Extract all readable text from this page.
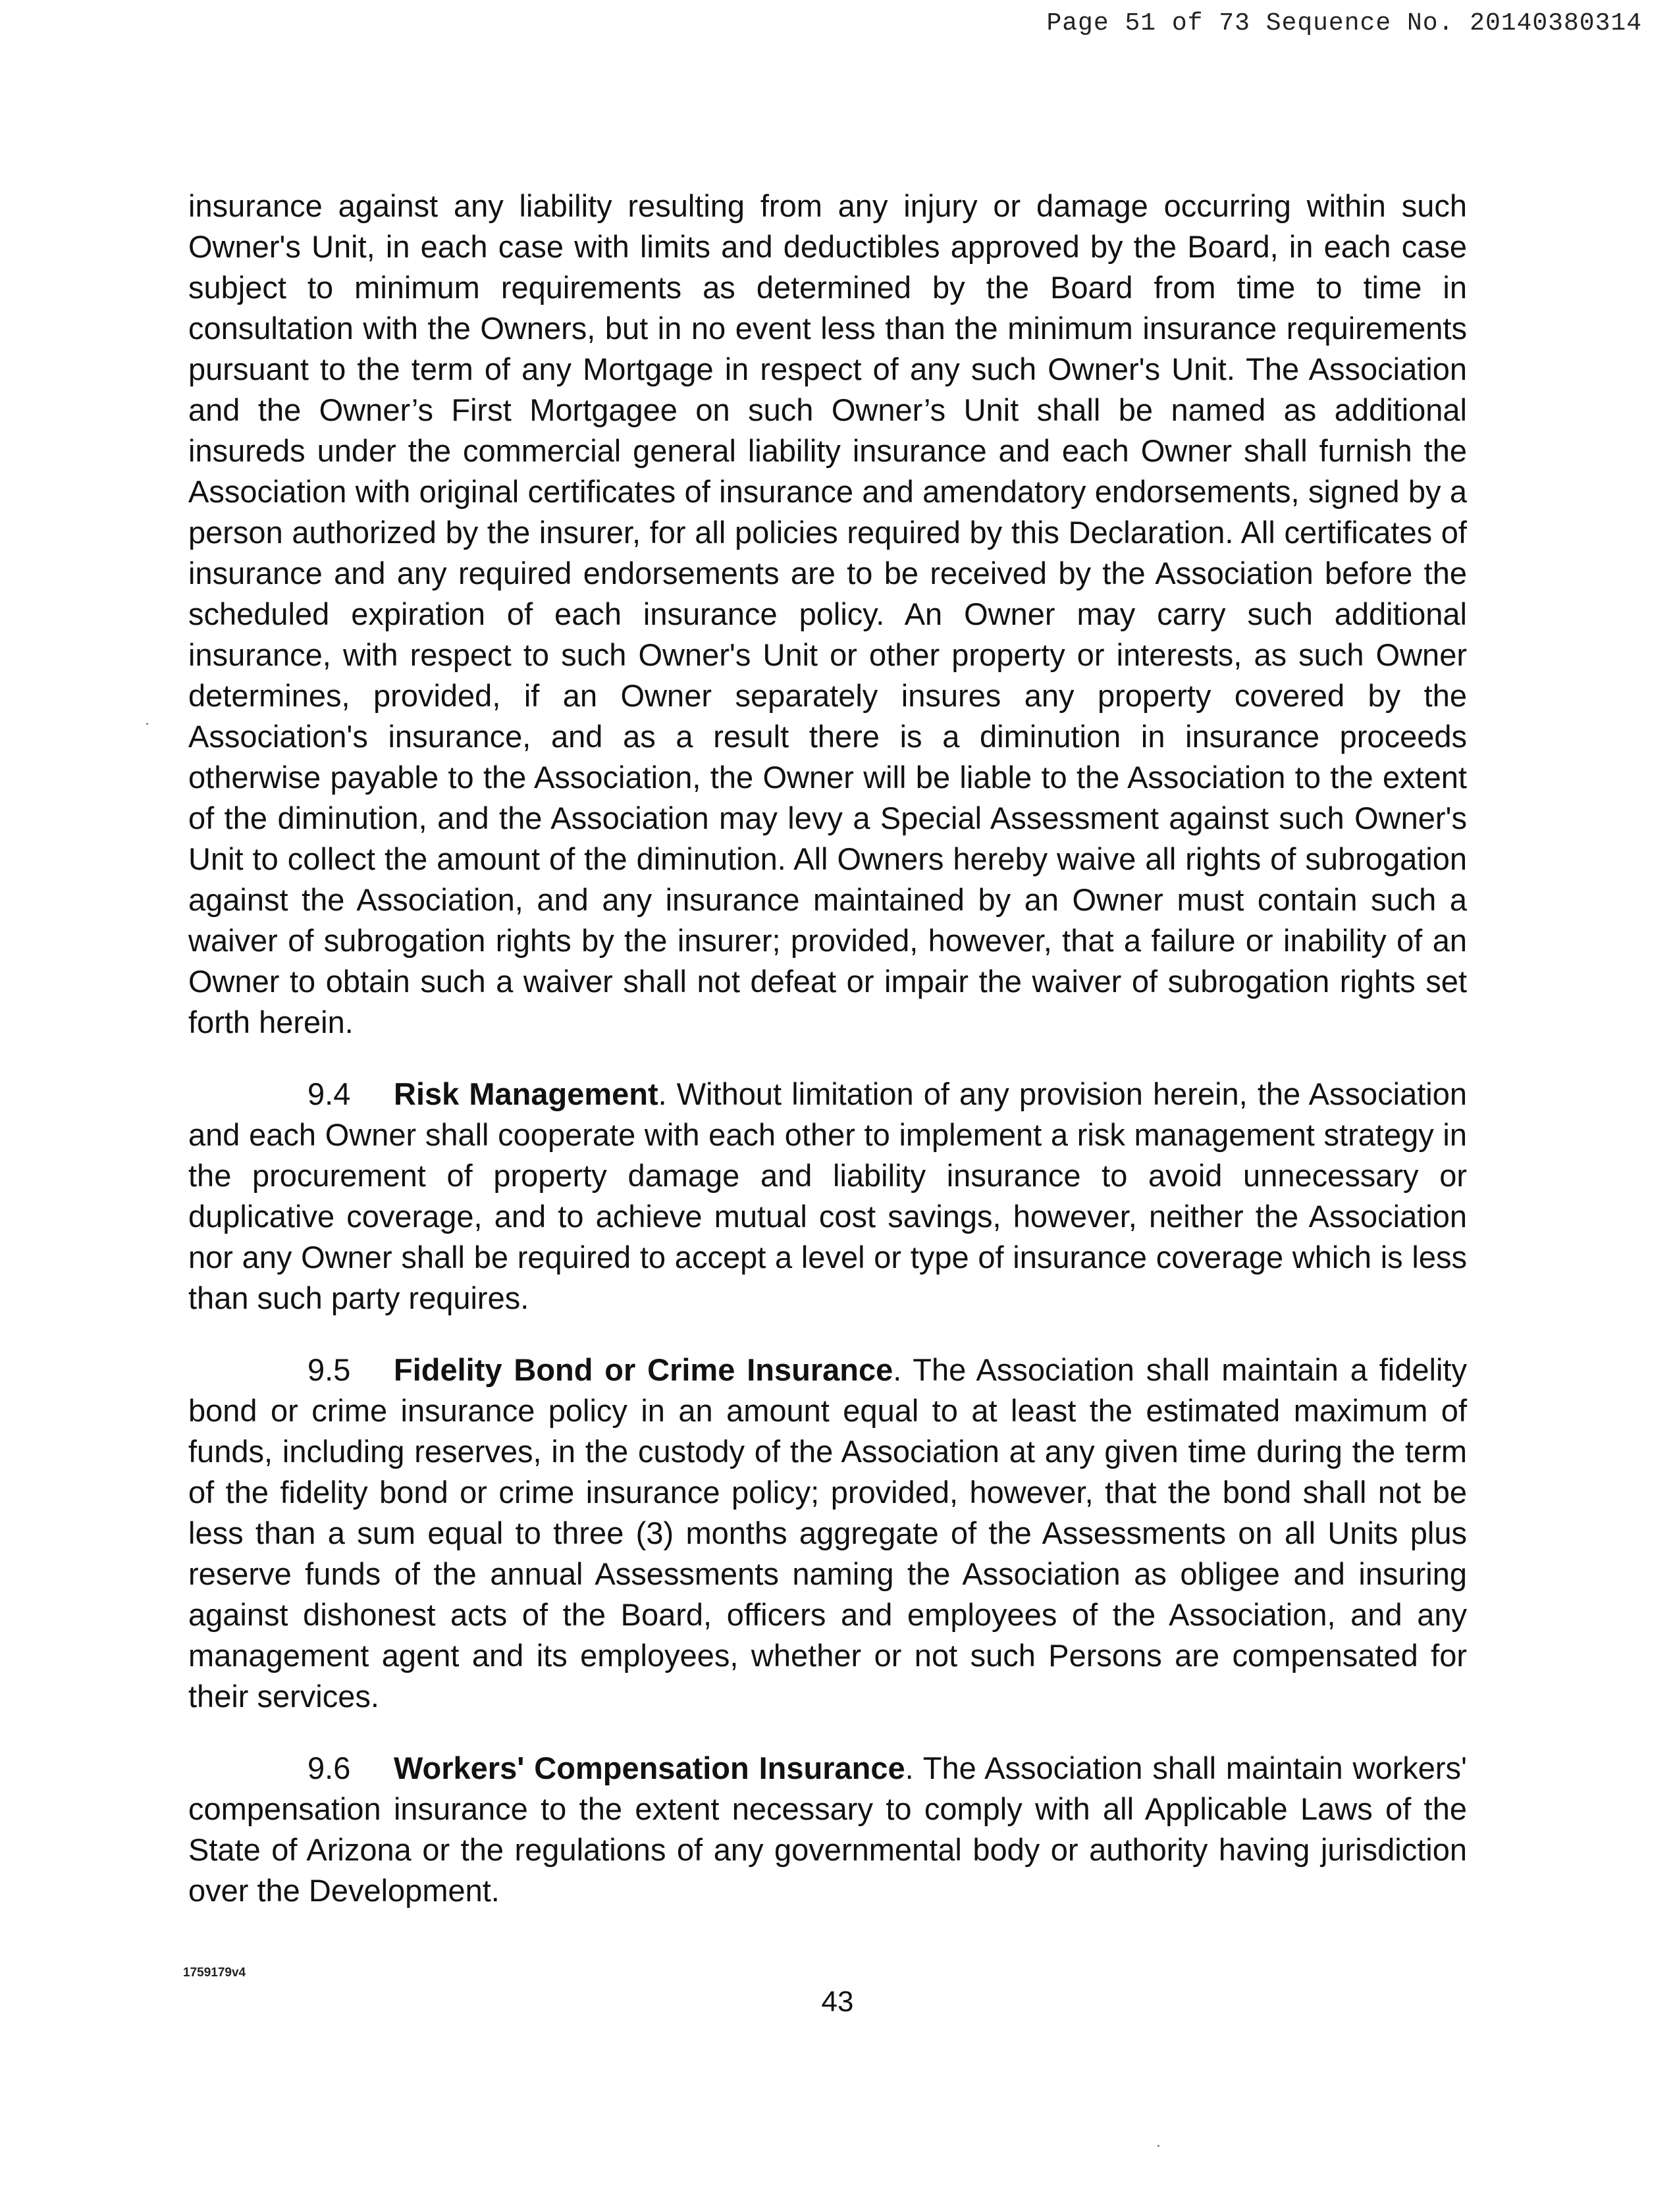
Page 51 of 73 Sequence No. 20140380314

insurance against any liability resulting from any injury or damage occurring within such Owner's Unit, in each case with limits and deductibles approved by the Board, in each case subject to minimum requirements as determined by the Board from time to time in consultation with the Owners, but in no event less than the minimum insurance requirements pursuant to the term of any Mortgage in respect of any such Owner's Unit. The Association and the Owner’s First Mortgagee on such Owner’s Unit shall be named as additional insureds under the commercial general liability insurance and each Owner shall furnish the Association with original certificates of insurance and amendatory endorsements, signed by a person authorized by the insurer, for all policies required by this Declaration. All certificates of insurance and any required endorsements are to be received by the Association before the scheduled expiration of each insurance policy. An Owner may carry such additional insurance, with respect to such Owner's Unit or other property or interests, as such Owner determines, provided, if an Owner separately insures any property covered by the Association's insurance, and as a result there is a diminution in insurance proceeds otherwise payable to the Association, the Owner will be liable to the Association to the extent of the diminution, and the Association may levy a Special Assessment against such Owner's Unit to collect the amount of the diminution. All Owners hereby waive all rights of subrogation against the Association, and any insurance maintained by an Owner must contain such a waiver of subrogation rights by the insurer; provided, however, that a failure or inability of an Owner to obtain such a waiver shall not defeat or impair the waiver of subrogation rights set forth herein.

9.4 Risk Management. Without limitation of any provision herein, the Association and each Owner shall cooperate with each other to implement a risk management strategy in the procurement of property damage and liability insurance to avoid unnecessary or duplicative coverage, and to achieve mutual cost savings, however, neither the Association nor any Owner shall be required to accept a level or type of insurance coverage which is less than such party requires.

9.5 Fidelity Bond or Crime Insurance. The Association shall maintain a fidelity bond or crime insurance policy in an amount equal to at least the estimated maximum of funds, including reserves, in the custody of the Association at any given time during the term of the fidelity bond or crime insurance policy; provided, however, that the bond shall not be less than a sum equal to three (3) months aggregate of the Assessments on all Units plus reserve funds of the annual Assessments naming the Association as obligee and insuring against dishonest acts of the Board, officers and employees of the Association, and any management agent and its employees, whether or not such Persons are compensated for their services.

9.6 Workers' Compensation Insurance. The Association shall maintain workers' compensation insurance to the extent necessary to comply with all Applicable Laws of the State of Arizona or the regulations of any governmental body or authority having jurisdiction over the Development.

1759179v4
43
